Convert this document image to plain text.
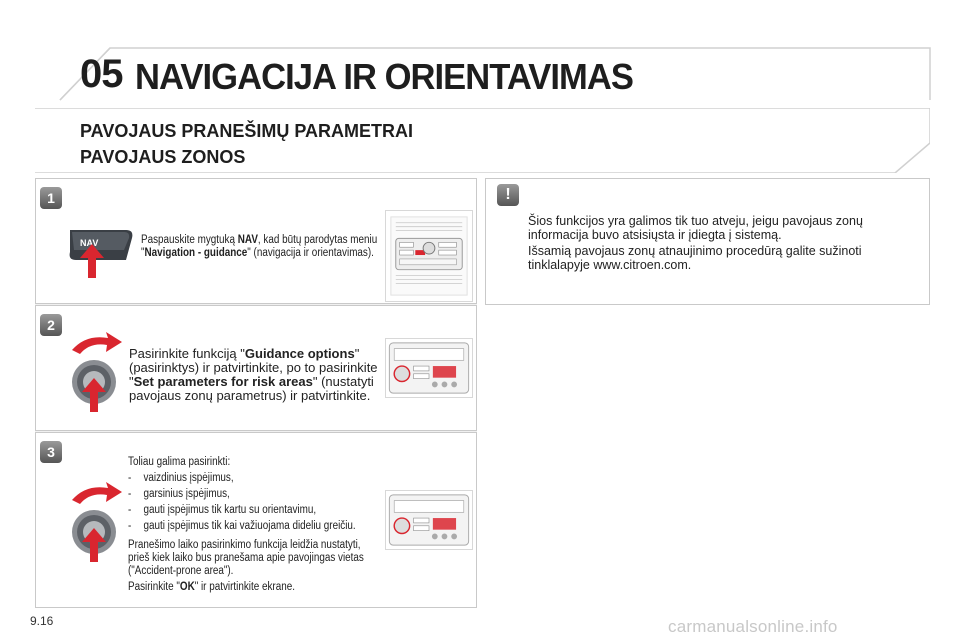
05 NAVIGACIJA IR ORIENTAVIMAS
PAVOJAUS PRANEŠIMŲ PARAMETRAI
PAVOJAUS ZONOS
1
NAV	Paspauskite mygtuką NAV, kad būtų parodytas meniu
"Navigation - guidance" (navigacija ir orientavimas).
2
Pasirinkite funkciją "Guidance options"
(pasirinktys) ir patvirtinkite, po to pasirinkite
"Set parameters for risk areas" (nustatyti
pavojaus zonų parametrus) ir patvirtinkite.
3
Toliau galima pasirinkti:
- vaizdinius įspėjimus,
- garsinius įspėjimus,
- gauti įspėjimus tik kartu su orientavimu,
- gauti įspėjimus tik kai važiuojama dideliu greičiu.
Pranešimo laiko pasirinkimo funkcija leidžia nustatyti,
prieš kiek laiko bus pranešama apie pavojingas vietas
("Accident-prone area").
Pasirinkite "OK" ir patvirtinkite ekrane.
!
Šios funkcijos yra galimos tik tuo atveju, jeigu pavojaus zonų
informacija buvo atsisiųsta ir įdiegta į sistemą.
Išsamią pavojaus zonų atnaujinimo procedūrą galite sužinoti
tinklalapyje www.citroen.com.
9.16	carmanualsonline.info
